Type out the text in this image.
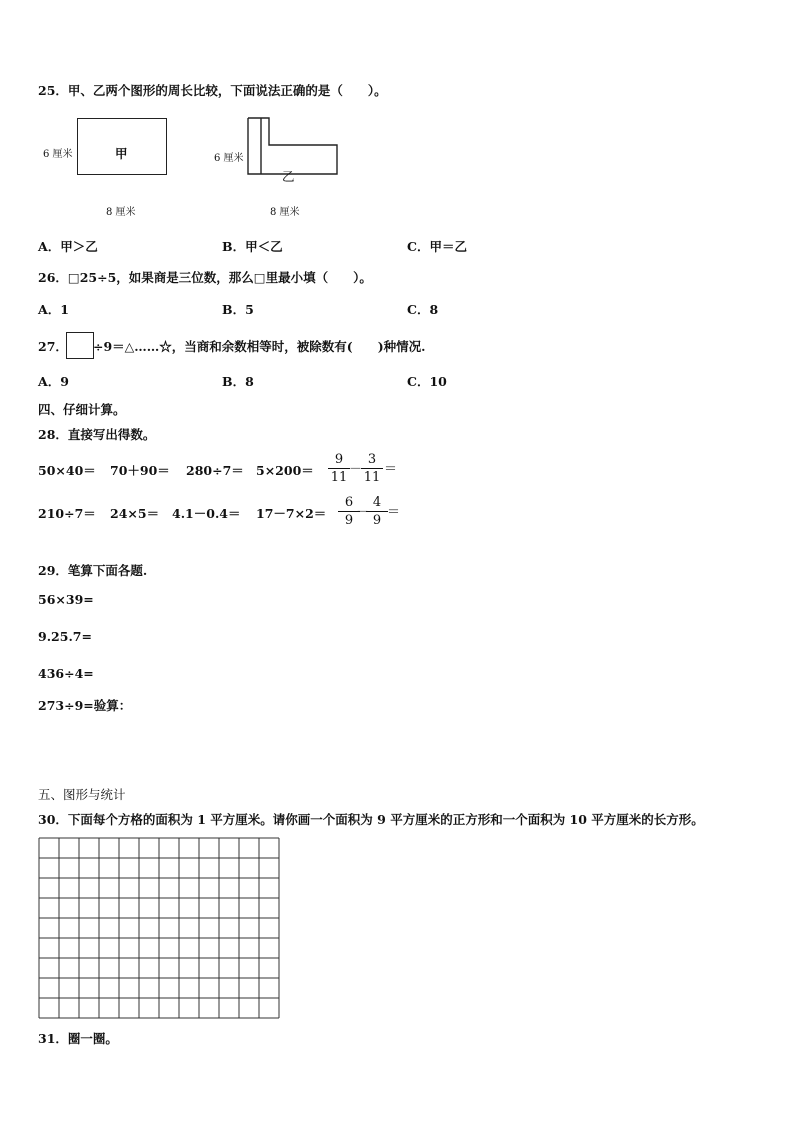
25．甲、乙两个图形的周长比较，下面说法正确的是（　　）。
6 厘米	甲
8 厘米
6 厘米
乙
8 厘米
A．甲＞乙	B．甲＜乙	C．甲＝乙
26．□25÷5，如果商是三位数，那么□里最小填（　　）。
A．1	B．5	C．8
27． ÷9＝△……☆，当商和余数相等时，被除数有(　　)种情况.
A．9	B．8	C．10
四、仔细计算。
28．直接写出得数。
50×40＝ 70＋90＝ 280÷7＝ 5×200＝
9
11
－
3
11
＝
210÷7＝ 24×5＝ 4.1－0.4＝ 17－7×2＝
6
9
－
4
9
＝
29．笔算下面各题.
56×39=
9.25.7=
436÷4=
273÷9=验算：
五、图形与统计
30．下面每个方格的面积为 1 平方厘米。请你画一个面积为 9 平方厘米的正方形和一个面积为 10 平方厘米的长方形。
31．圈一圈。
